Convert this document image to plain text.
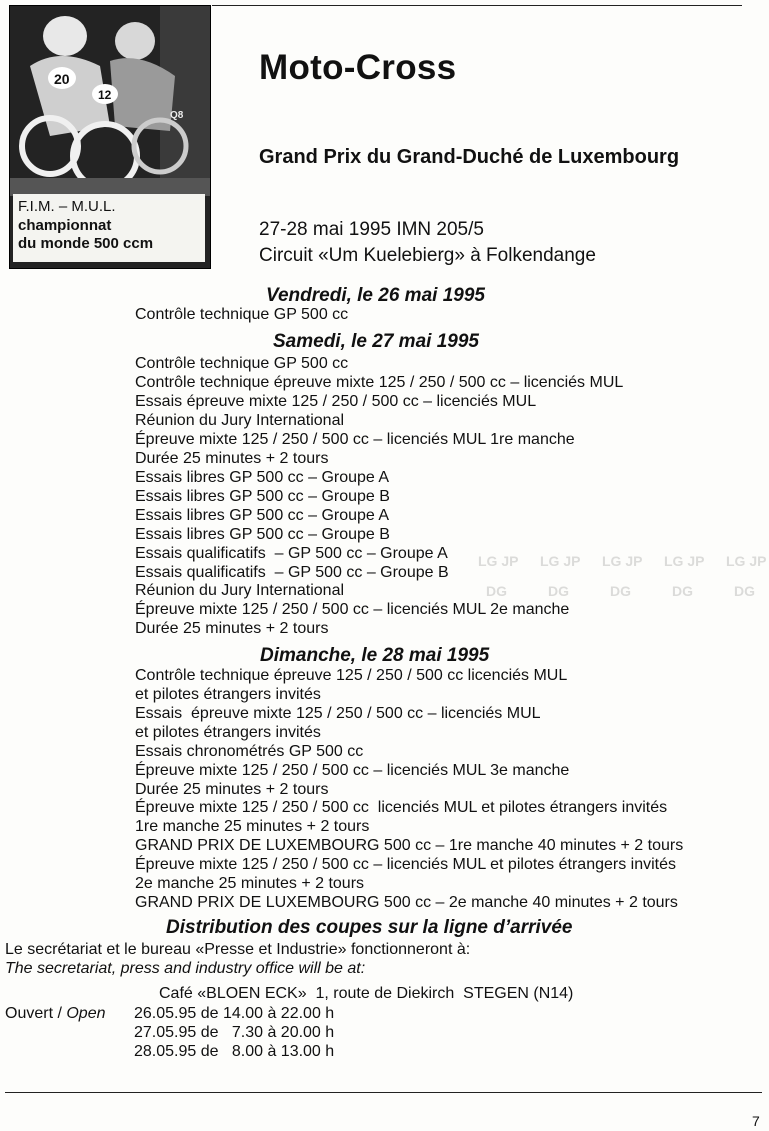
20
12
Q8
F.I.M. – M.U.L.
championnat
du monde 500 ccm
Moto-Cross
Grand Prix du Grand-Duché de Luxembourg
27-28 mai 1995 IMN 205/5
Circuit «Um Kuelebierg» à Folkendange
Vendredi, le 26 mai 1995
Contrôle technique GP 500 cc
Samedi, le 27 mai 1995
Contrôle technique GP 500 cc
Contrôle technique épreuve mixte 125 / 250 / 500 cc – licenciés MUL
Essais épreuve mixte 125 / 250 / 500 cc – licenciés MUL
Réunion du Jury International
Épreuve mixte 125 / 250 / 500 cc – licenciés MUL 1re manche
Durée 25 minutes + 2 tours
Essais libres GP 500 cc – Groupe A
Essais libres GP 500 cc – Groupe B
Essais libres GP 500 cc – Groupe A
Essais libres GP 500 cc – Groupe B
Essais qualificatifs  – GP 500 cc – Groupe A
Essais qualificatifs  – GP 500 cc – Groupe B
Réunion du Jury International
Épreuve mixte 125 / 250 / 500 cc – licenciés MUL 2e manche
Durée 25 minutes + 2 tours
LG JP LG JP LG JP LG JP LG JP
DG	DG	DG	DG	DG
Dimanche, le 28 mai 1995
Contrôle technique épreuve 125 / 250 / 500 cc licenciés MUL
et pilotes étrangers invités
Essais  épreuve mixte 125 / 250 / 500 cc – licenciés MUL
et pilotes étrangers invités
Essais chronométrés GP 500 cc
Épreuve mixte 125 / 250 / 500 cc – licenciés MUL 3e manche
Durée 25 minutes + 2 tours
Épreuve mixte 125 / 250 / 500 cc  licenciés MUL et pilotes étrangers invités
1re manche 25 minutes + 2 tours
GRAND PRIX DE LUXEMBOURG 500 cc – 1re manche 40 minutes + 2 tours
Épreuve mixte 125 / 250 / 500 cc – licenciés MUL et pilotes étrangers invités
2e manche 25 minutes + 2 tours
GRAND PRIX DE LUXEMBOURG 500 cc – 2e manche 40 minutes + 2 tours
Distribution des coupes sur la ligne d’arrivée
Le secrétariat et le bureau «Presse et Industrie» fonctionneront à:
The secretariat, press and industry office will be at:
Café «BLOEN ECK»  1, route de Diekirch  STEGEN (N14)
Ouvert / Open 26.05.95 de 14.00 à 22.00 h
27.05.95 de   7.30 à 20.00 h
28.05.95 de   8.00 à 13.00 h
7
